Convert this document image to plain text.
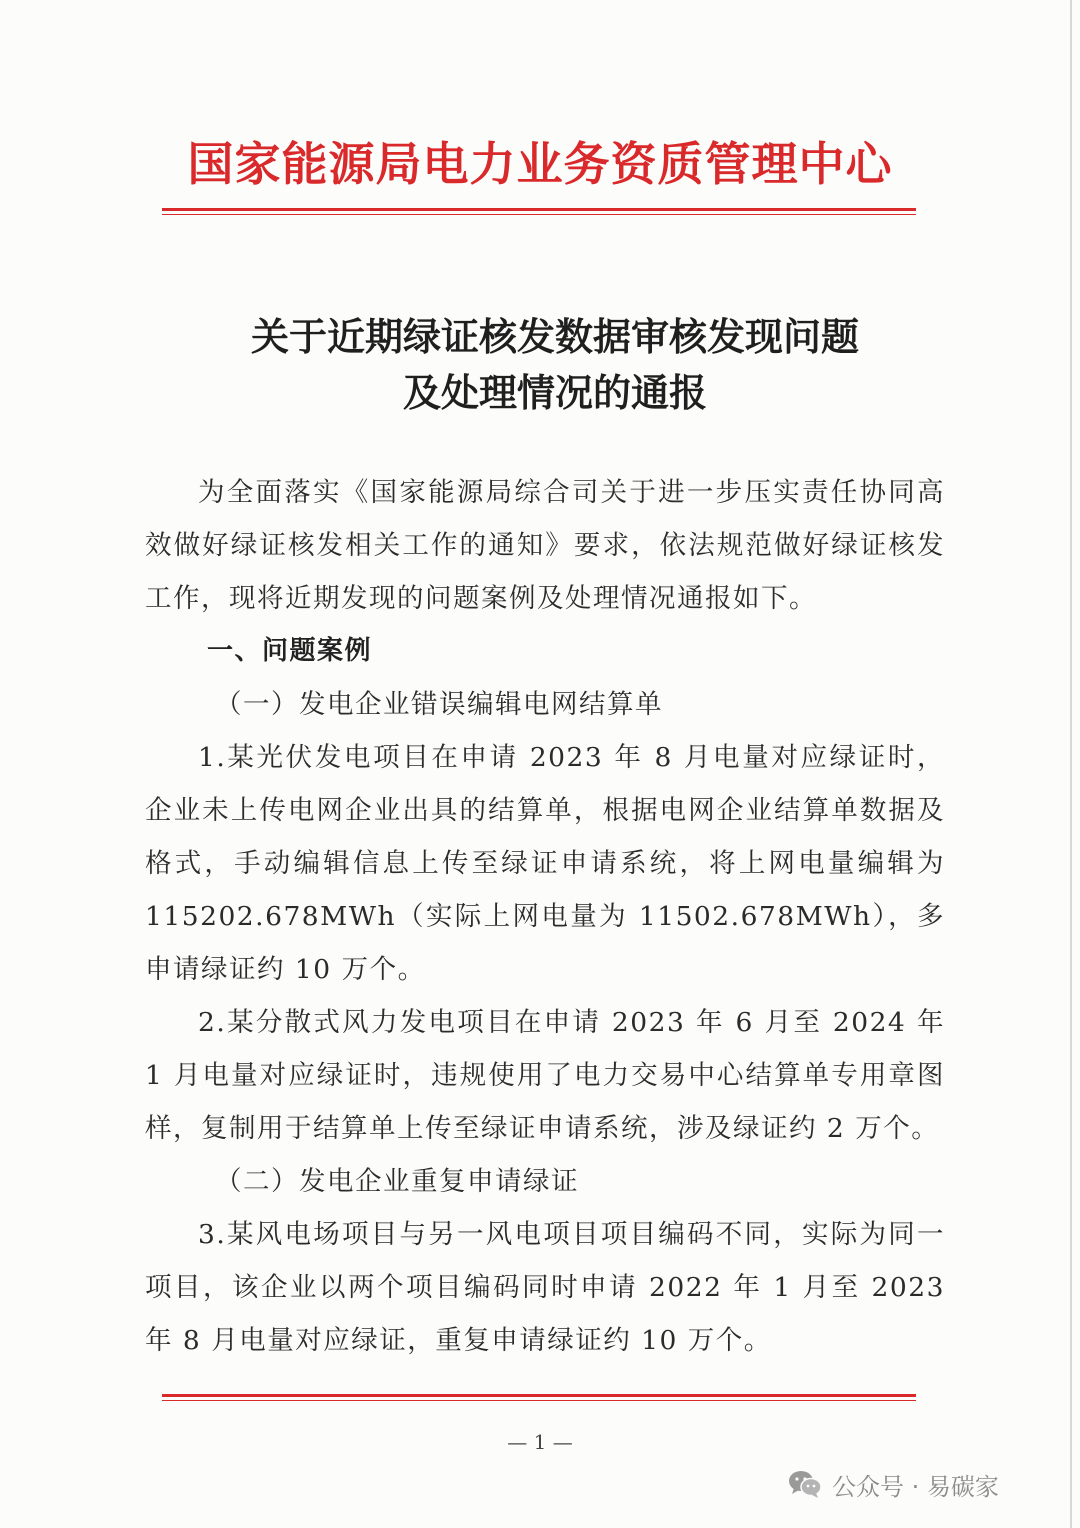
国家能源局电力业务资质管理中心
关于近期绿证核发数据审核发现问题
及处理情况的通报

为全面落实《国家能源局综合司关于进一步压实责任协同高效做好绿证核发相关工作的通知》要求，依法规范做好绿证核发工作，现将近期发现的问题案例及处理情况通报如下。

一、问题案例

（一）发电企业错误编辑电网结算单

1.某光伏发电项目在申请 2023 年 8 月电量对应绿证时，企业未上传电网企业出具的结算单，根据电网企业结算单数据及格式，手动编辑信息上传至绿证申请系统，将上网电量编辑为115202.678MWh（实际上网电量为 11502.678MWh），多申请绿证约 10 万个。

2.某分散式风力发电项目在申请 2023 年 6 月至 2024 年 1 月电量对应绿证时，违规使用了电力交易中心结算单专用章图样，复制用于结算单上传至绿证申请系统，涉及绿证约 2 万个。

（二）发电企业重复申请绿证

3.某风电场项目与另一风电项目项目编码不同，实际为同一项目，该企业以两个项目编码同时申请 2022 年 1 月至 2023 年 8 月电量对应绿证，重复申请绿证约 10 万个。

— 1 —
公众号 · 易碳家
